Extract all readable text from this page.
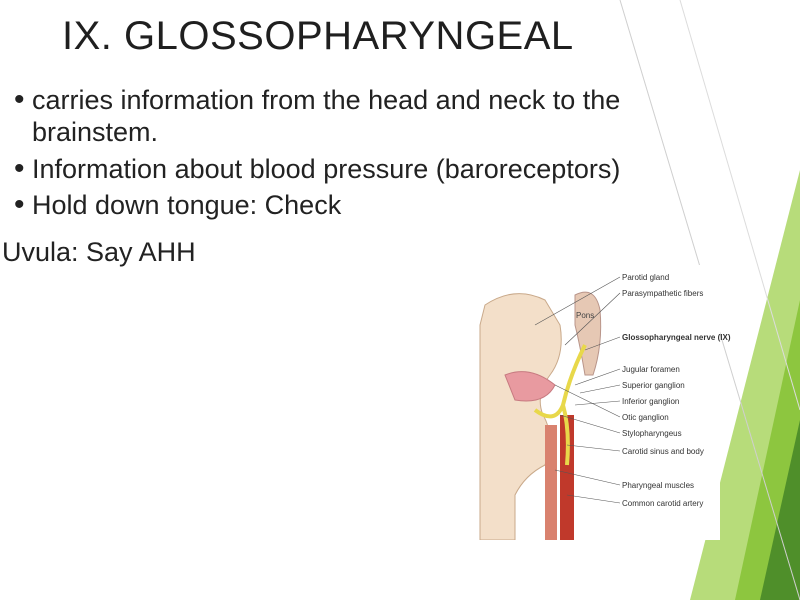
IX. GLOSSOPHARYNGEAL
• carries information from the head and neck to the brainstem.
• Information about blood pressure (baroreceptors)
• Hold down tongue: Check
Uvula: Say AHH
Pons
Parotid gland
Parasympathetic fibers
Glossopharyngeal nerve (IX)
Jugular foramen
Superior ganglion
Inferior ganglion
Otic ganglion
Stylopharyngeus
Carotid sinus and body
Pharyngeal muscles
Common carotid artery
